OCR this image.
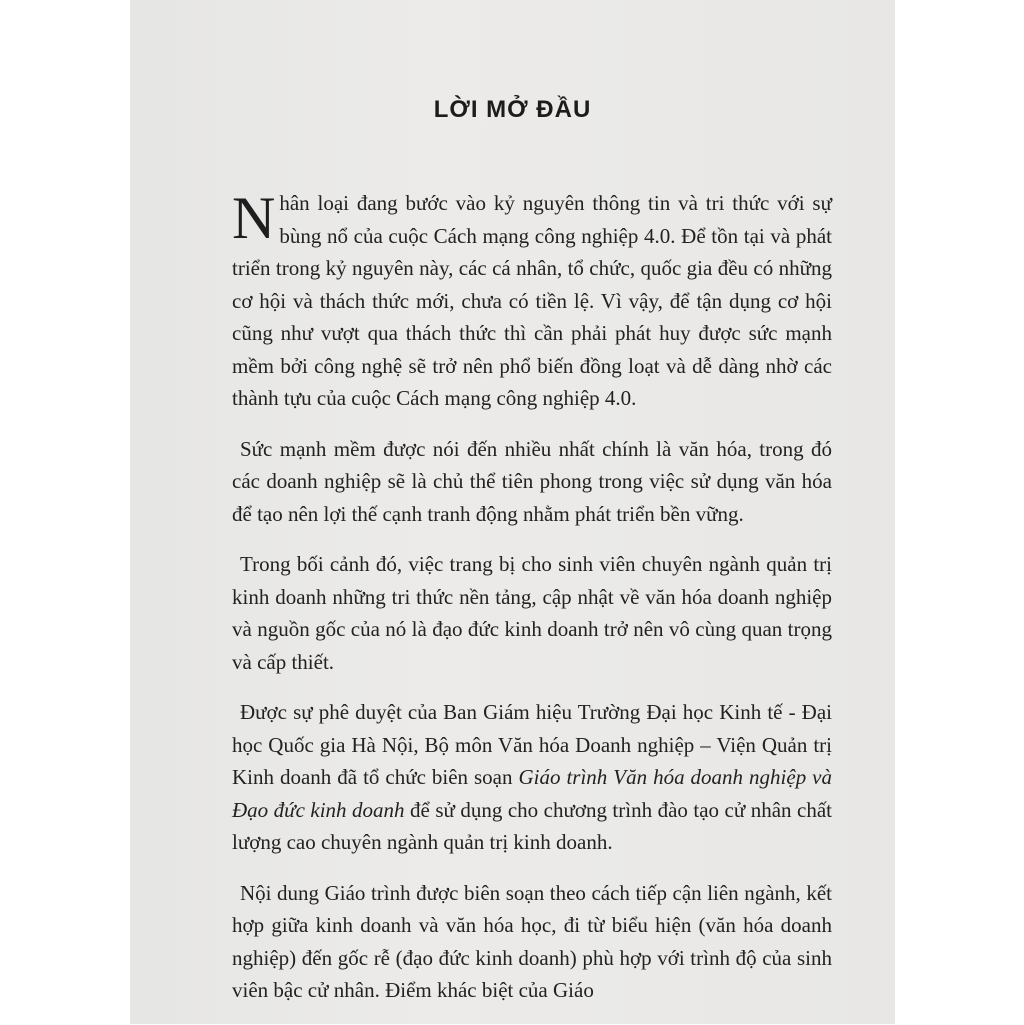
LỜI MỞ ĐẦU

Nhân loại đang bước vào kỷ nguyên thông tin và tri thức với sự bùng nổ của cuộc Cách mạng công nghiệp 4.0. Để tồn tại và phát triển trong kỷ nguyên này, các cá nhân, tổ chức, quốc gia đều có những cơ hội và thách thức mới, chưa có tiền lệ. Vì vậy, để tận dụng cơ hội cũng như vượt qua thách thức thì cần phải phát huy được sức mạnh mềm bởi công nghệ sẽ trở nên phổ biến đồng loạt và dễ dàng nhờ các thành tựu của cuộc Cách mạng công nghiệp 4.0.

Sức mạnh mềm được nói đến nhiều nhất chính là văn hóa, trong đó các doanh nghiệp sẽ là chủ thể tiên phong trong việc sử dụng văn hóa để tạo nên lợi thế cạnh tranh động nhằm phát triển bền vững.

Trong bối cảnh đó, việc trang bị cho sinh viên chuyên ngành quản trị kinh doanh những tri thức nền tảng, cập nhật về văn hóa doanh nghiệp và nguồn gốc của nó là đạo đức kinh doanh trở nên vô cùng quan trọng và cấp thiết.

Được sự phê duyệt của Ban Giám hiệu Trường Đại học Kinh tế - Đại học Quốc gia Hà Nội, Bộ môn Văn hóa Doanh nghiệp – Viện Quản trị Kinh doanh đã tổ chức biên soạn Giáo trình Văn hóa doanh nghiệp và Đạo đức kinh doanh để sử dụng cho chương trình đào tạo cử nhân chất lượng cao chuyên ngành quản trị kinh doanh.

Nội dung Giáo trình được biên soạn theo cách tiếp cận liên ngành, kết hợp giữa kinh doanh và văn hóa học, đi từ biểu hiện (văn hóa doanh nghiệp) đến gốc rễ (đạo đức kinh doanh) phù hợp với trình độ của sinh viên bậc cử nhân. Điểm khác biệt của Giáo
